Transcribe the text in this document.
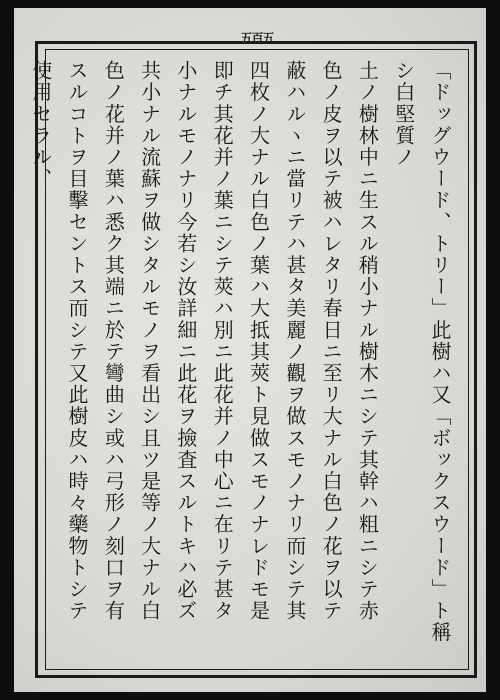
五百五
「ドッグウード、トリー」此樹ハ又「ボックスウード」ト稱シ白堅質ノ
土ノ樹林中ニ生スル稍小ナル樹木ニシテ其幹ハ粗ニシテ赤
色ノ皮ヲ以テ被ハレタリ春日ニ至リ大ナル白色ノ花ヲ以テ
蔽ハルヽニ當リテハ甚タ美麗ノ觀ヲ做スモノナリ而シテ其
四枚ノ大ナル白色ノ葉ハ大抵其莢ト見做スモノナレドモ是
即チ其花并ノ葉ニシテ莢ハ別ニ此花并ノ中心ニ在リテ甚タ
小ナルモノナリ今若シ汝詳細ニ此花ヲ撿査スルトキハ必ズ
共小ナル流蘇ヲ做シタルモノヲ看出シ且ツ是等ノ大ナル白
色ノ花并ノ葉ハ悉ク其端ニ於テ彎曲シ或ハ弓形ノ刻口ヲ有
スルコトヲ目擊セントス而シテ又此樹皮ハ時々藥物トシテ
使用セラル、
